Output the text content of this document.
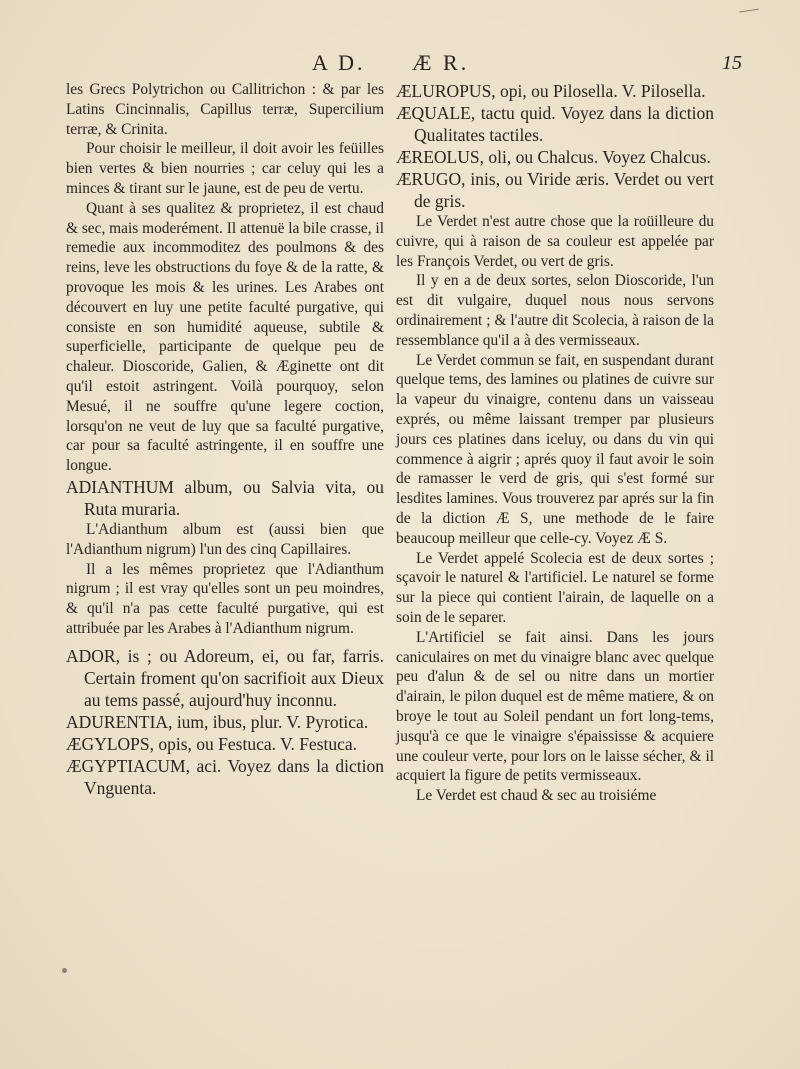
A D. Æ R.	15

les Grecs Polytrichon ou Callitrichon : & par les Latins Cincinnalis, Capillus terræ, Supercilium terræ, & Crinita.

Pour choisir le meilleur, il doit avoir les feüilles bien vertes & bien nourries ; car celuy qui les a minces & tirant sur le jaune, est de peu de vertu.

Quant à ses qualitez & proprietez, il est chaud & sec, mais moderément. Il attenuë la bile crasse, il remedie aux incommoditez des poulmons & des reins, leve les obstructions du foye & de la ratte, & provoque les mois & les urines. Les Arabes ont découvert en luy une petite faculté purgative, qui consiste en son humidité aqueuse, subtile & superficielle, participante de quelque peu de chaleur. Dioscoride, Galien, & Æginette ont dit qu'il estoit astringent. Voilà pourquoy, selon Mesué, il ne souffre qu'une legere coction, lorsqu'on ne veut de luy que sa faculté purgative, car pour sa faculté astringente, il en souffre une longue.

ADIANTHUM album, ou Salvia vita, ou Ruta muraria.

L'Adianthum album est (aussi bien que l'Adianthum nigrum) l'un des cinq Capillaires.

Il a les mêmes proprietez que l'Adianthum nigrum ; il est vray qu'elles sont un peu moindres, & qu'il n'a pas cette faculté purgative, qui est attribuée par les Arabes à l'Adianthum nigrum.

ADOR, is ; ou Adoreum, ei, ou far, farris. Certain froment qu'on sacrifioit aux Dieux au tems passé, aujourd'huy inconnu.

ADURENTIA, ium, ibus, plur. V. Pyrotica.

ÆGYLOPS, opis, ou Festuca. V. Festuca.

ÆGYPTIACUM, aci. Voyez dans la diction Vnguenta.

ÆLUROPUS, opi, ou Pilosella. V. Pilosella.

ÆQUALE, tactu quid. Voyez dans la diction Qualitates tactiles.

ÆREOLUS, oli, ou Chalcus. Voyez Chalcus.

ÆRUGO, inis, ou Viride æris. Verdet ou vert de gris.

Le Verdet n'est autre chose que la roüilleure du cuivre, qui à raison de sa couleur est appelée par les François Verdet, ou vert de gris.

Il y en a de deux sortes, selon Dioscoride, l'un est dit vulgaire, duquel nous nous servons ordinairement ; & l'autre dit Scolecia, à raison de la ressemblance qu'il a à des vermisseaux.

Le Verdet commun se fait, en suspendant durant quelque tems, des lamines ou platines de cuivre sur la vapeur du vinaigre, contenu dans un vaisseau exprés, ou même laissant tremper par plusieurs jours ces platines dans iceluy, ou dans du vin qui commence à aigrir ; aprés quoy il faut avoir le soin de ramasser le verd de gris, qui s'est formé sur lesdites lamines. Vous trouverez par aprés sur la fin de la diction Æ S, une methode de le faire beaucoup meilleur que celle-cy. Voyez Æ S.

Le Verdet appelé Scolecia est de deux sortes ; sçavoir le naturel & l'artificiel. Le naturel se forme sur la piece qui contient l'airain, de laquelle on a soin de le separer.

L'Artificiel se fait ainsi. Dans les jours caniculaires on met du vinaigre blanc avec quelque peu d'alun & de sel ou nitre dans un mortier d'airain, le pilon duquel est de même matiere, & on broye le tout au Soleil pendant un fort long-tems, jusqu'à ce que le vinaigre s'épaississe & acquiere une couleur verte, pour lors on le laisse sécher, & il acquiert la figure de petits vermisseaux.

Le Verdet est chaud & sec au troisiéme
